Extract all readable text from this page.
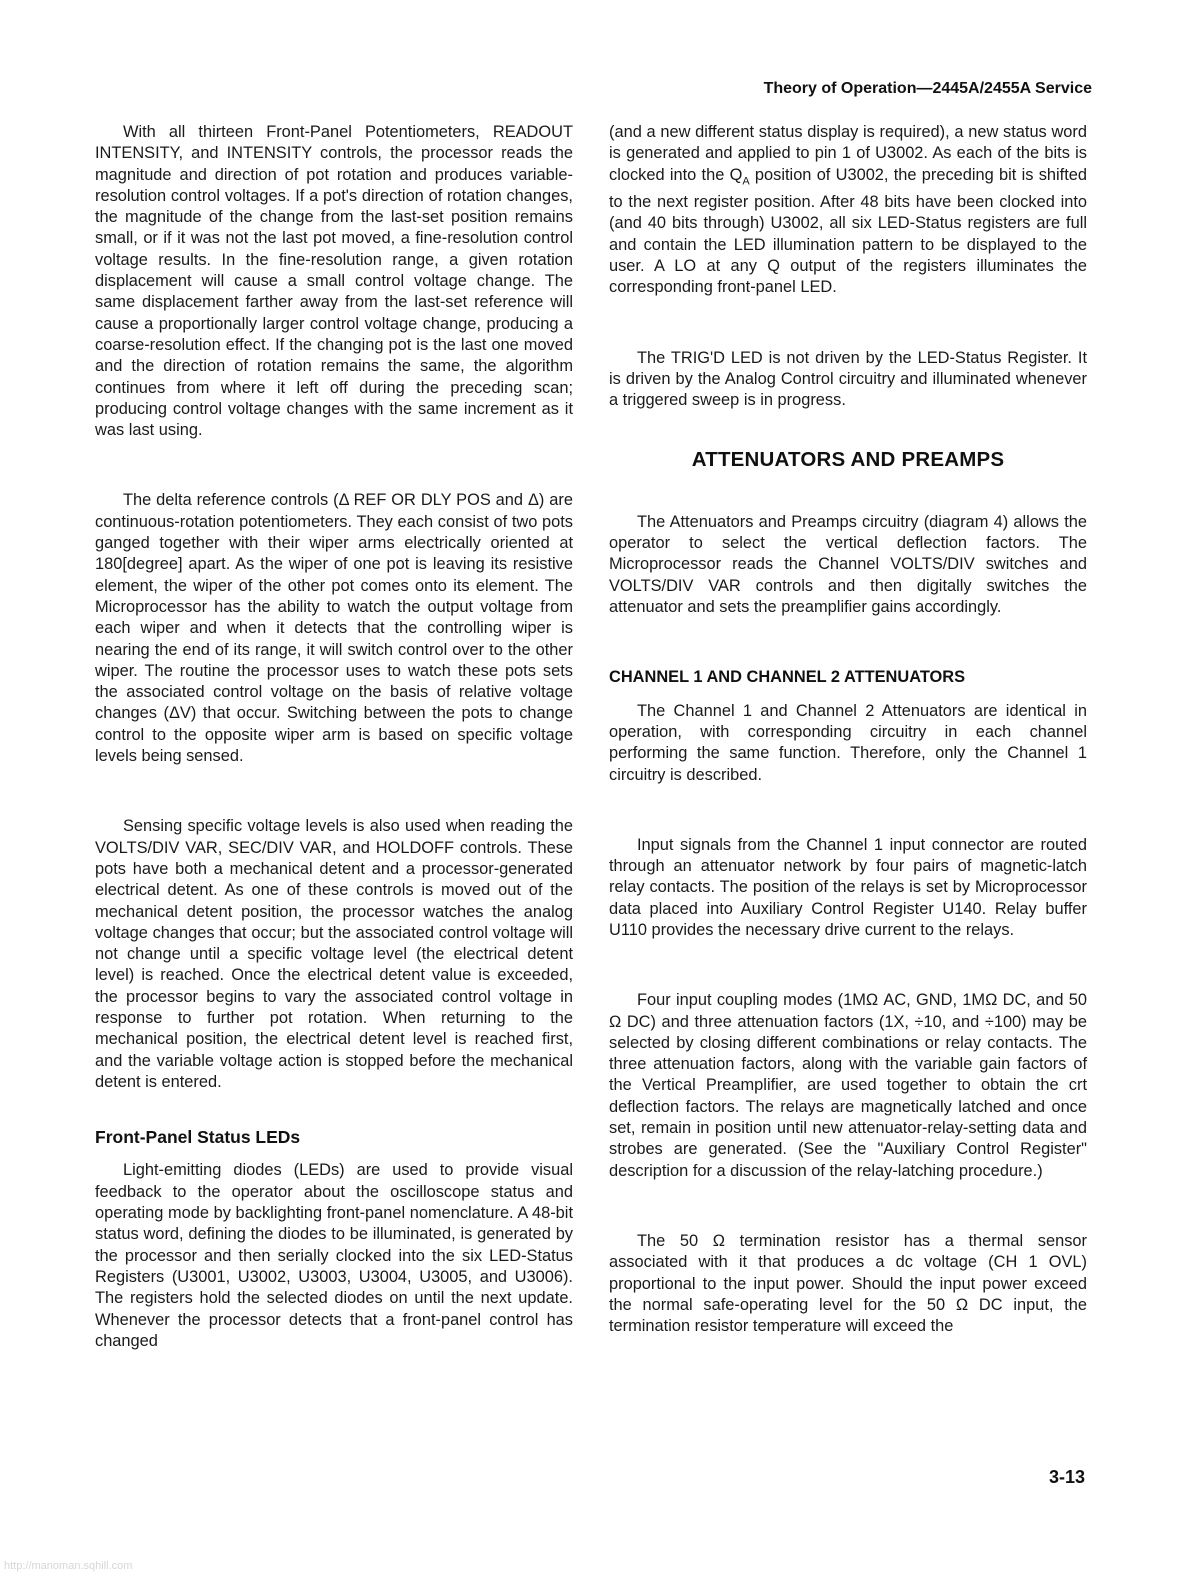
Theory of Operation—2445A/2455A Service

With all thirteen Front-Panel Potentiometers, READOUT INTENSITY, and INTENSITY controls, the processor reads the magnitude and direction of pot rotation and produces variable-resolution control voltages. If a pot's direction of rotation changes, the magnitude of the change from the last-set position remains small, or if it was not the last pot moved, a fine-resolution control voltage results. In the fine-resolution range, a given rotation displacement will cause a small control voltage change. The same displacement farther away from the last-set reference will cause a proportionally larger control voltage change, producing a coarse-resolution effect. If the changing pot is the last one moved and the direction of rotation remains the same, the algorithm continues from where it left off during the preceding scan; producing control voltage changes with the same increment as it was last using.

The delta reference controls (Δ REF OR DLY POS and Δ) are continuous-rotation potentiometers. They each consist of two pots ganged together with their wiper arms electrically oriented at 180[degree] apart. As the wiper of one pot is leaving its resistive element, the wiper of the other pot comes onto its element. The Microprocessor has the ability to watch the output voltage from each wiper and when it detects that the controlling wiper is nearing the end of its range, it will switch control over to the other wiper. The routine the processor uses to watch these pots sets the associated control voltage on the basis of relative voltage changes (ΔV) that occur. Switching between the pots to change control to the opposite wiper arm is based on specific voltage levels being sensed.

Sensing specific voltage levels is also used when reading the VOLTS/DIV VAR, SEC/DIV VAR, and HOLDOFF controls. These pots have both a mechanical detent and a processor-generated electrical detent. As one of these controls is moved out of the mechanical detent position, the processor watches the analog voltage changes that occur; but the associated control voltage will not change until a specific voltage level (the electrical detent level) is reached. Once the electrical detent value is exceeded, the processor begins to vary the associated control voltage in response to further pot rotation. When returning to the mechanical position, the electrical detent level is reached first, and the variable voltage action is stopped before the mechanical detent is entered.

Front-Panel Status LEDs

Light-emitting diodes (LEDs) are used to provide visual feedback to the operator about the oscilloscope status and operating mode by backlighting front-panel nomenclature. A 48-bit status word, defining the diodes to be illuminated, is generated by the processor and then serially clocked into the six LED-Status Registers (U3001, U3002, U3003, U3004, U3005, and U3006). The registers hold the selected diodes on until the next update. Whenever the processor detects that a front-panel control has changed

(and a new different status display is required), a new status word is generated and applied to pin 1 of U3002. As each of the bits is clocked into the $Q_A$ position of U3002, the preceding bit is shifted to the next register position. After 48 bits have been clocked into (and 40 bits through) U3002, all six LED-Status registers are full and contain the LED illumination pattern to be displayed to the user. A LO at any Q output of the registers illuminates the corresponding front-panel LED.

The TRIG'D LED is not driven by the LED-Status Register. It is driven by the Analog Control circuitry and illuminated whenever a triggered sweep is in progress.

ATTENUATORS AND PREAMPS

The Attenuators and Preamps circuitry (diagram 4) allows the operator to select the vertical deflection factors. The Microprocessor reads the Channel VOLTS/DIV switches and VOLTS/DIV VAR controls and then digitally switches the attenuator and sets the preamplifier gains accordingly.

CHANNEL 1 AND CHANNEL 2 ATTENUATORS

The Channel 1 and Channel 2 Attenuators are identical in operation, with corresponding circuitry in each channel performing the same function. Therefore, only the Channel 1 circuitry is described.

Input signals from the Channel 1 input connector are routed through an attenuator network by four pairs of magnetic-latch relay contacts. The position of the relays is set by Microprocessor data placed into Auxiliary Control Register U140. Relay buffer U110 provides the necessary drive current to the relays.

Four input coupling modes (1MΩ AC, GND, 1MΩ DC, and 50 Ω DC) and three attenuation factors (1X, ÷10, and ÷100) may be selected by closing different combinations or relay contacts. The three attenuation factors, along with the variable gain factors of the Vertical Preamplifier, are used together to obtain the crt deflection factors. The relays are magnetically latched and once set, remain in position until new attenuator-relay-setting data and strobes are generated. (See the "Auxiliary Control Register" description for a discussion of the relay-latching procedure.)

The 50 Ω termination resistor has a thermal sensor associated with it that produces a dc voltage (CH 1 OVL) proportional to the input power. Should the input power exceed the normal safe-operating level for the 50 Ω DC input, the termination resistor temperature will exceed the

3-13
http://manoman.sqhill.com
